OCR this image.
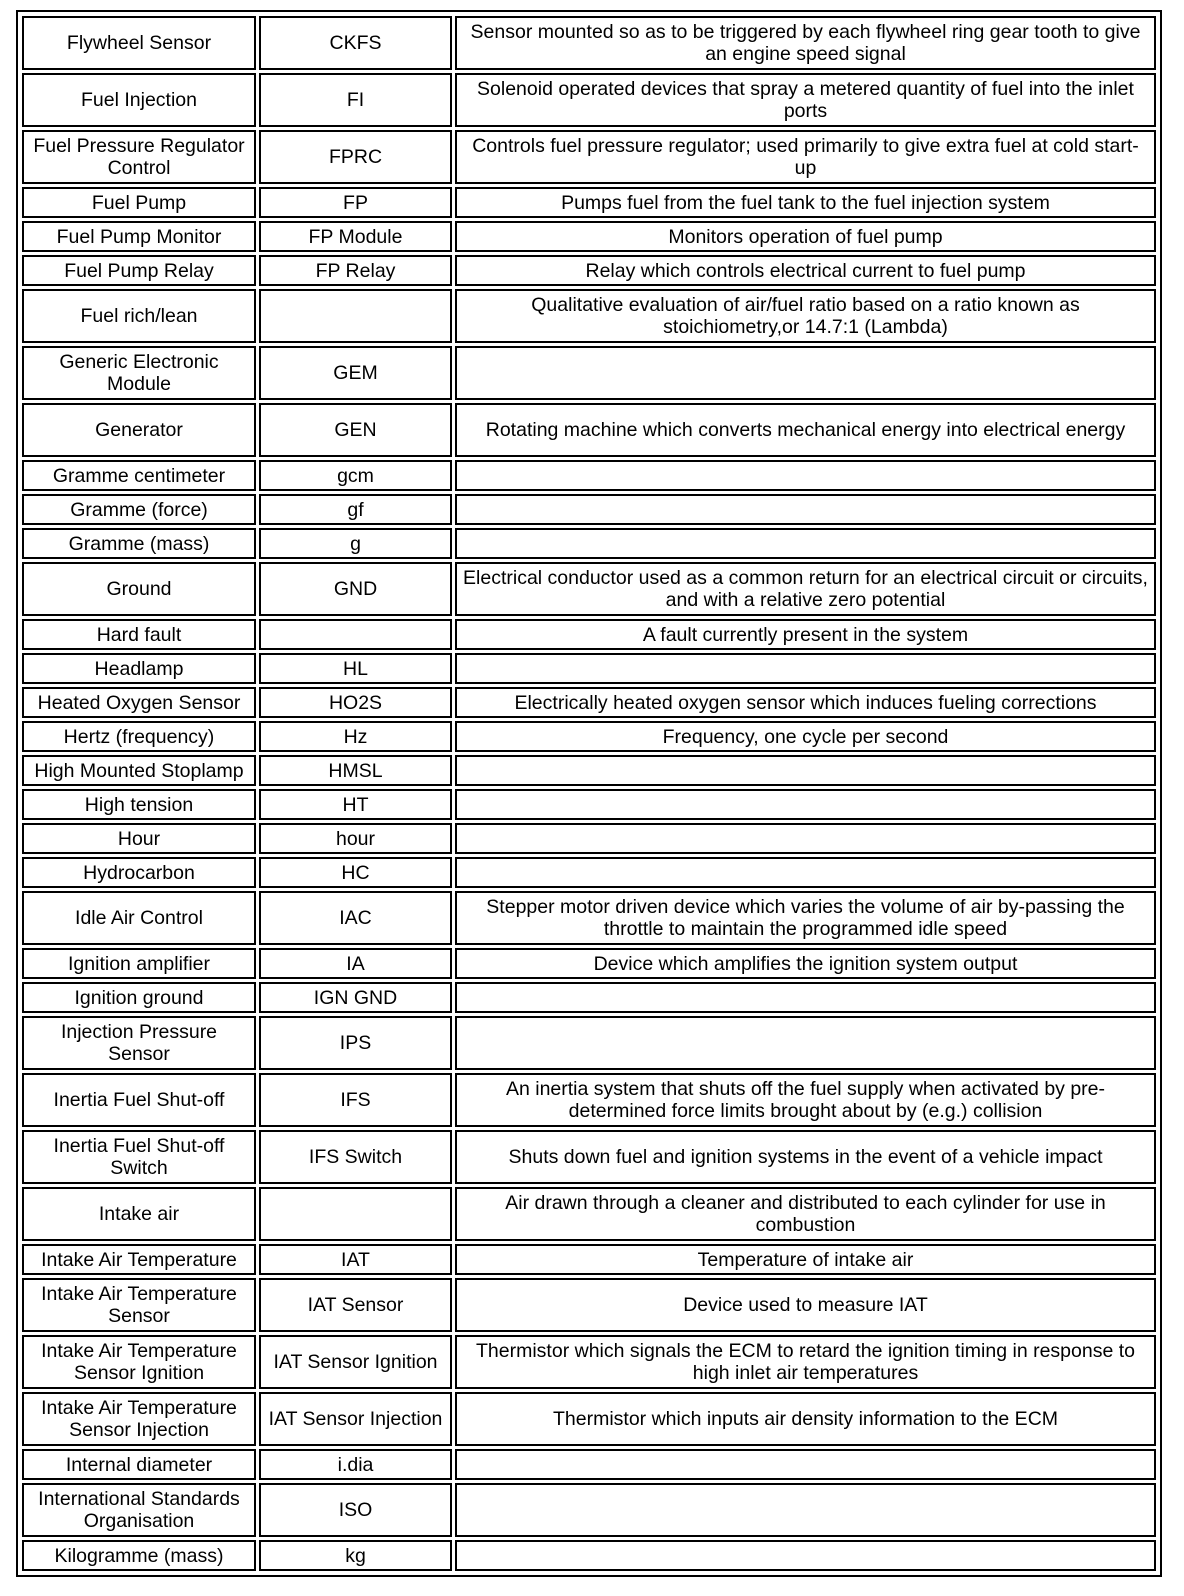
Flywheel Sensor	CKFS	Sensor mounted so as to be triggered by each flywheel ring gear tooth to give an engine speed signal
Fuel Injection	FI	Solenoid operated devices that spray a metered quantity of fuel into the inlet ports
Fuel Pressure Regulator Control	FPRC	Controls fuel pressure regulator; used primarily to give extra fuel at cold start-up
Fuel Pump	FP	Pumps fuel from the fuel tank to the fuel injection system
Fuel Pump Monitor	FP Module	Monitors operation of fuel pump
Fuel Pump Relay	FP Relay	Relay which controls electrical current to fuel pump
Fuel rich/lean		Qualitative evaluation of air/fuel ratio based on a ratio known as stoichiometry,or 14.7:1 (Lambda)
Generic Electronic Module	GEM	
Generator	GEN	Rotating machine which converts mechanical energy into electrical energy
Gramme centimeter	gcm	
Gramme (force)	gf	
Gramme (mass)	g	
Ground	GND	Electrical conductor used as a common return for an electrical circuit or circuits, and with a relative zero potential
Hard fault		A fault currently present in the system
Headlamp	HL	
Heated Oxygen Sensor	HO2S	Electrically heated oxygen sensor which induces fueling corrections
Hertz (frequency)	Hz	Frequency, one cycle per second
High Mounted Stoplamp	HMSL	
High tension	HT	
Hour	hour	
Hydrocarbon	HC	
Idle Air Control	IAC	Stepper motor driven device which varies the volume of air by-passing the throttle to maintain the programmed idle speed
Ignition amplifier	IA	Device which amplifies the ignition system output
Ignition ground	IGN GND	
Injection Pressure Sensor	IPS	
Inertia Fuel Shut-off	IFS	An inertia system that shuts off the fuel supply when activated by pre-determined force limits brought about by (e.g.) collision
Inertia Fuel Shut-off Switch	IFS Switch	Shuts down fuel and ignition systems in the event of a vehicle impact
Intake air		Air drawn through a cleaner and distributed to each cylinder for use in combustion
Intake Air Temperature	IAT	Temperature of intake air
Intake Air Temperature Sensor	IAT Sensor	Device used to measure IAT
Intake Air Temperature Sensor Ignition	IAT Sensor Ignition	Thermistor which signals the ECM to retard the ignition timing in response to high inlet air temperatures
Intake Air Temperature Sensor Injection	IAT Sensor Injection	Thermistor which inputs air density information to the ECM
Internal diameter	i.dia	
International Standards Organisation	ISO	
Kilogramme (mass)	kg	
